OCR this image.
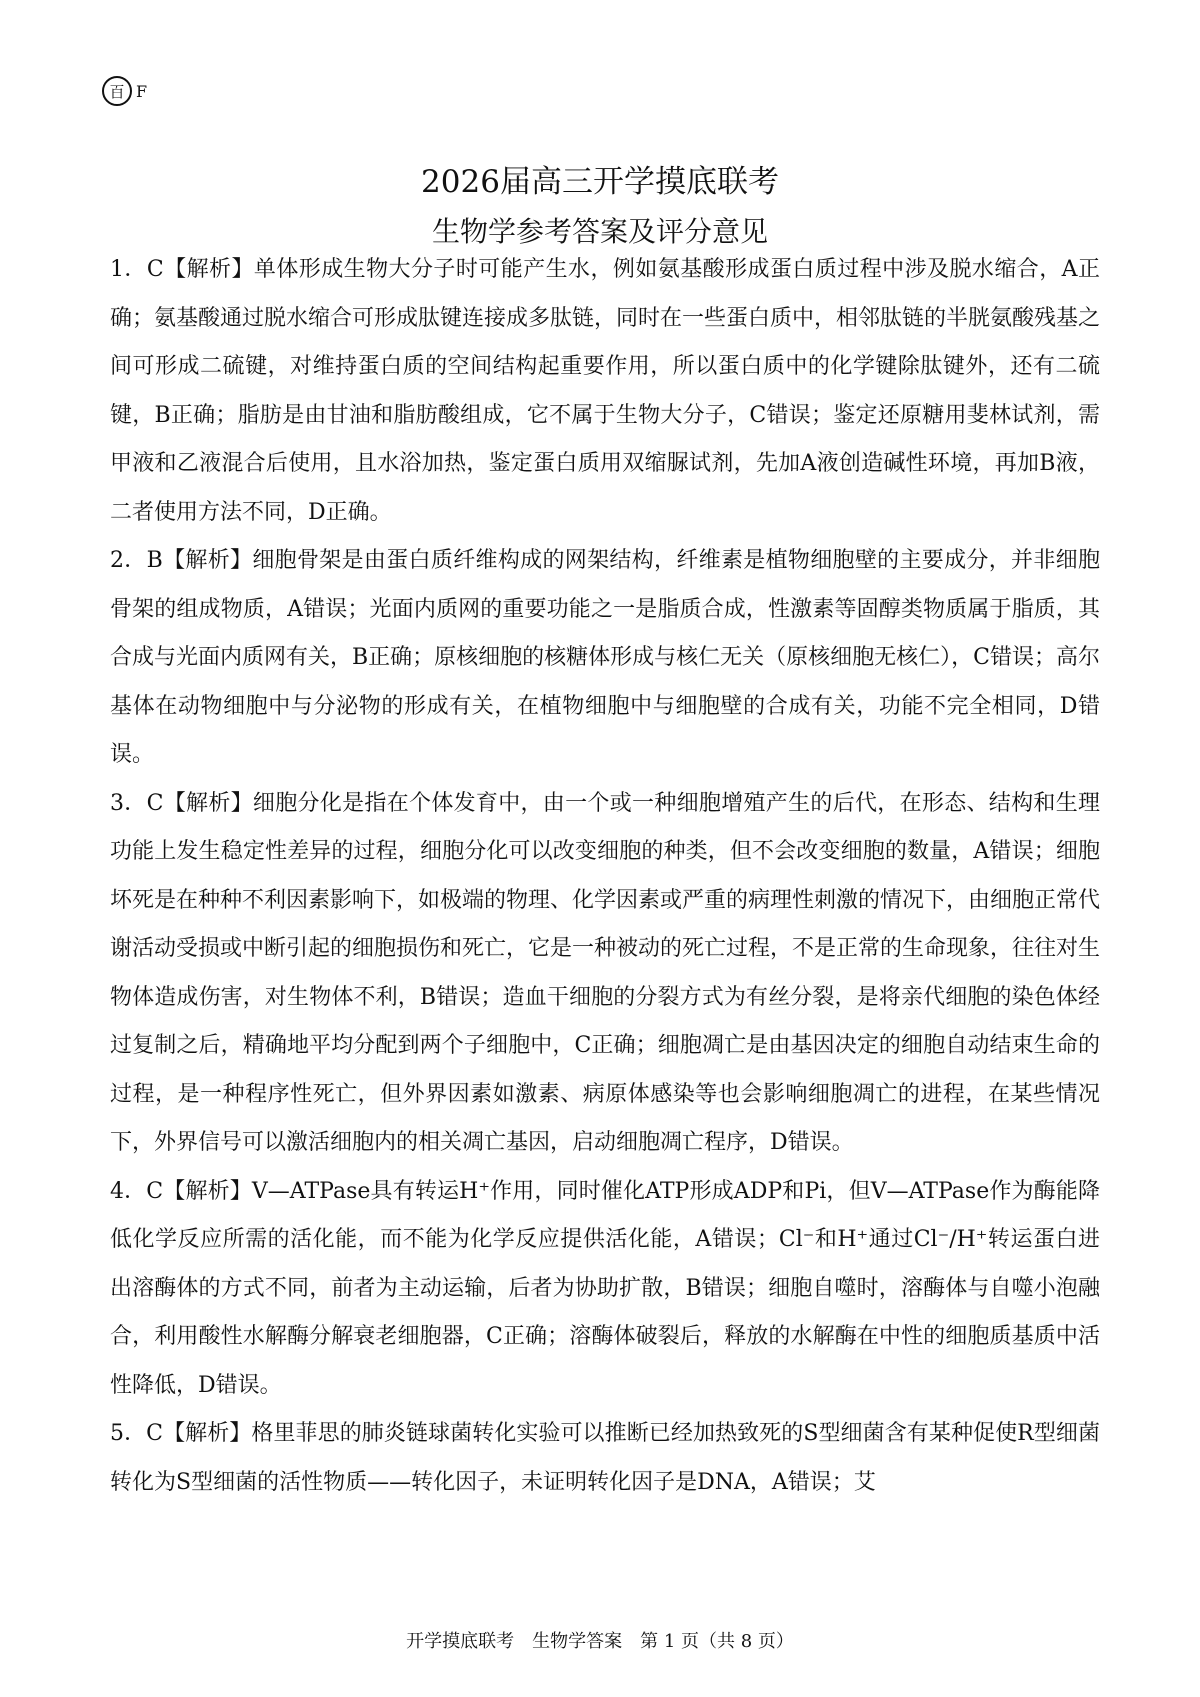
百 F
2026届高三开学摸底联考
生物学参考答案及评分意见

1．C【解析】单体形成生物大分子时可能产生水，例如氨基酸形成蛋白质过程中涉及脱水缩合，A正确；氨基酸通过脱水缩合可形成肽键连接成多肽链，同时在一些蛋白质中，相邻肽链的半胱氨酸残基之间可形成二硫键，对维持蛋白质的空间结构起重要作用，所以蛋白质中的化学键除肽键外，还有二硫键，B正确；脂肪是由甘油和脂肪酸组成，它不属于生物大分子，C错误；鉴定还原糖用斐林试剂，需甲液和乙液混合后使用，且水浴加热，鉴定蛋白质用双缩脲试剂，先加A液创造碱性环境，再加B液，二者使用方法不同，D正确。

2．B【解析】细胞骨架是由蛋白质纤维构成的网架结构，纤维素是植物细胞壁的主要成分，并非细胞骨架的组成物质，A错误；光面内质网的重要功能之一是脂质合成，性激素等固醇类物质属于脂质，其合成与光面内质网有关，B正确；原核细胞的核糖体形成与核仁无关（原核细胞无核仁），C错误；高尔基体在动物细胞中与分泌物的形成有关，在植物细胞中与细胞壁的合成有关，功能不完全相同，D错误。

3．C【解析】细胞分化是指在个体发育中，由一个或一种细胞增殖产生的后代，在形态、结构和生理功能上发生稳定性差异的过程，细胞分化可以改变细胞的种类，但不会改变细胞的数量，A错误；细胞坏死是在种种不利因素影响下，如极端的物理、化学因素或严重的病理性刺激的情况下，由细胞正常代谢活动受损或中断引起的细胞损伤和死亡，它是一种被动的死亡过程，不是正常的生命现象，往往对生物体造成伤害，对生物体不利，B错误；造血干细胞的分裂方式为有丝分裂，是将亲代细胞的染色体经过复制之后，精确地平均分配到两个子细胞中，C正确；细胞凋亡是由基因决定的细胞自动结束生命的过程，是一种程序性死亡，但外界因素如激素、病原体感染等也会影响细胞凋亡的进程，在某些情况下，外界信号可以激活细胞内的相关凋亡基因，启动细胞凋亡程序，D错误。

4．C【解析】V—ATPase具有转运H⁺作用，同时催化ATP形成ADP和Pi，但V—ATPase作为酶能降低化学反应所需的活化能，而不能为化学反应提供活化能，A错误；Cl⁻和H⁺通过Cl⁻/H⁺转运蛋白进出溶酶体的方式不同，前者为主动运输，后者为协助扩散，B错误；细胞自噬时，溶酶体与自噬小泡融合，利用酸性水解酶分解衰老细胞器，C正确；溶酶体破裂后，释放的水解酶在中性的细胞质基质中活性降低，D错误。

5．C【解析】格里菲思的肺炎链球菌转化实验可以推断已经加热致死的S型细菌含有某种促使R型细菌转化为S型细菌的活性物质——转化因子，未证明转化因子是DNA，A错误；艾

开学摸底联考　生物学答案　第 1 页（共 8 页）
